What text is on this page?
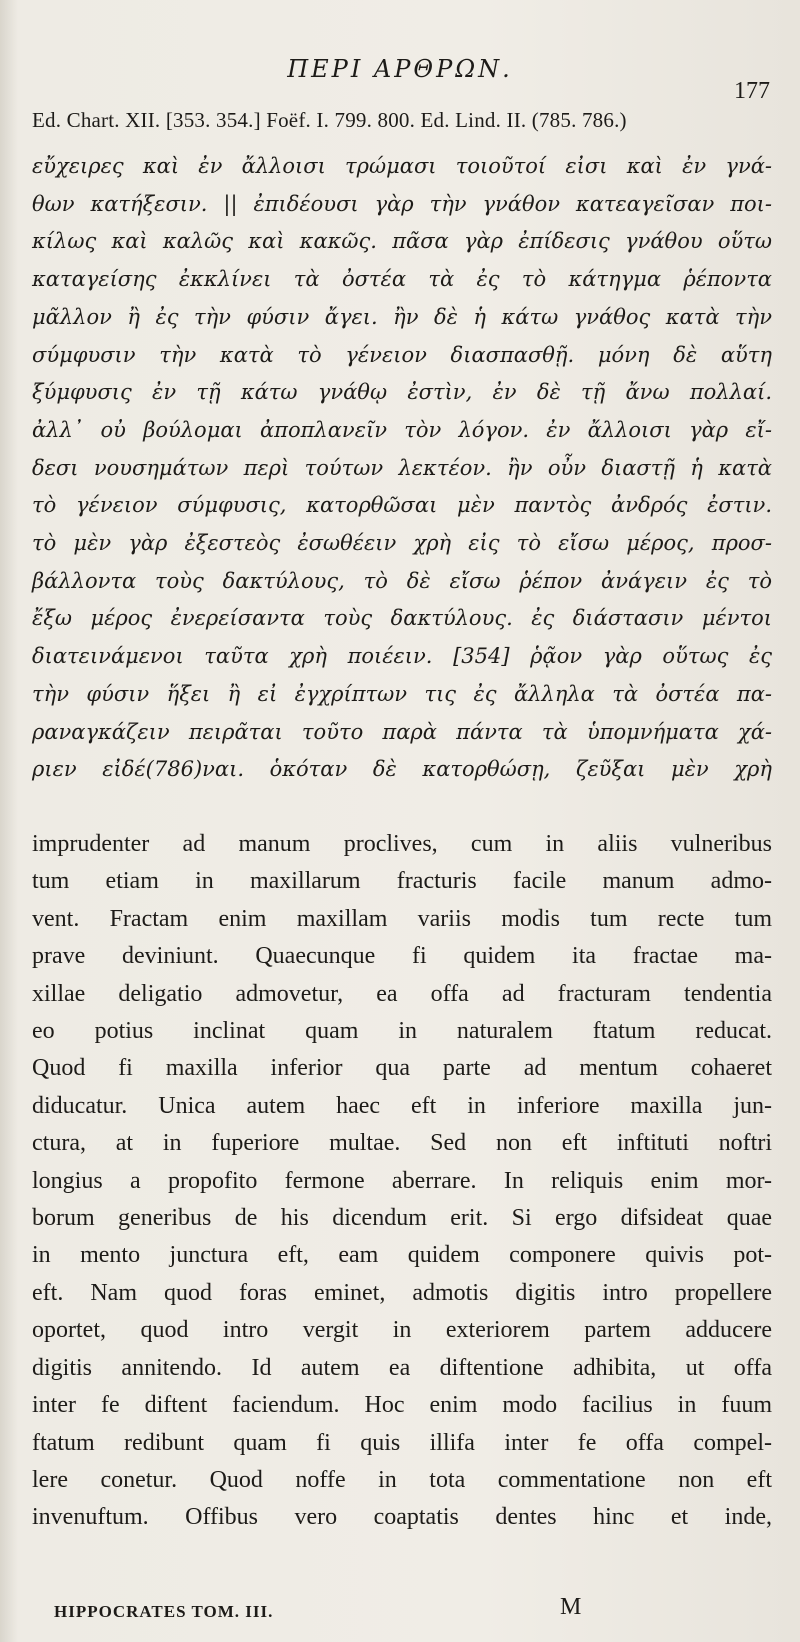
ΠΕΡΙ ΑΡΘΡΩΝ.
177
Ed. Chart. XII. [353. 354.] Foëf. I. 799. 800. Ed. Lind. II. (785. 786.)
εὔχειρες καὶ ἐν ἄλλοισι τρώμασι τοιοῦτοί εἰσι καὶ ἐν γνά-
θων κατήξεσιν. || ἐπιδέουσι γὰρ τὴν γνάθον κατεαγεῖσαν ποι-
κίλως καὶ καλῶς καὶ κακῶς. πᾶσα γὰρ ἐπίδεσις γνάθου οὕτω
καταγείσης ἐκκλίνει τὰ ὀστέα τὰ ἐς τὸ κάτηγμα ῥέποντα
μᾶλλον ἢ ἐς τὴν φύσιν ἄγει. ἢν δὲ ἡ κάτω γνάθος κατὰ τὴν
σύμφυσιν τὴν κατὰ τὸ γένειον διασπασθῇ. μόνη δὲ αὕτη
ξύμφυσις ἐν τῇ κάτω γνάθῳ ἐστὶν, ἐν δὲ τῇ ἄνω πολλαί.
ἀλλ᾽ οὐ βούλομαι ἀποπλανεῖν τὸν λόγον. ἐν ἄλλοισι γὰρ εἴ-
δεσι νουσημάτων περὶ τούτων λεκτέον. ἢν οὖν διαστῇ ἡ κατὰ
τὸ γένειον σύμφυσις, κατορθῶσαι μὲν παντὸς ἀνδρός ἐστιν.
τὸ μὲν γὰρ ἐξεστεὸς ἐσωθέειν χρὴ εἰς τὸ εἴσω μέρος, προσ-
βάλλοντα τοὺς δακτύλους, τὸ δὲ εἴσω ῥέπον ἀνάγειν ἐς τὸ
ἔξω μέρος ἐνερείσαντα τοὺς δακτύλους. ἐς διάστασιν μέντοι
διατεινάμενοι ταῦτα χρὴ ποιέειν. [354] ῥᾷον γὰρ οὕτως ἐς
τὴν φύσιν ἥξει ἢ εἰ ἐγχρίπτων τις ἐς ἄλληλα τὰ ὀστέα πα-
ραναγκάζειν πειρᾶται τοῦτο παρὰ πάντα τὰ ὑπομνήματα χά-
ριεν εἰδέ(786)ναι. ὁκόταν δὲ κατορθώσῃ, ζεῦξαι μὲν χρὴ
imprudenter ad manum proclives, cum in aliis vulneribus
tum etiam in maxillarum fracturis facile manum admo-
vent. Fractam enim maxillam variis modis tum recte tum
prave deviniunt. Quaecunque fi quidem ita fractae ma-
xillae deligatio admovetur, ea offa ad fracturam tendentia
eo potius inclinat quam in naturalem ftatum reducat.
Quod fi maxilla inferior qua parte ad mentum cohaeret
diducatur. Unica autem haec eft in inferiore maxilla jun-
ctura, at in fuperiore multae. Sed non eft inftituti noftri
longius a propofito fermone aberrare. In reliquis enim mor-
borum generibus de his dicendum erit. Si ergo difsideat quae
in mento junctura eft, eam quidem componere quivis pot-
eft. Nam quod foras eminet, admotis digitis intro propellere
oportet, quod intro vergit in exteriorem partem adducere
digitis annitendo. Id autem ea diftentione adhibita, ut offa
inter fe diftent faciendum. Hoc enim modo facilius in fuum
ftatum redibunt quam fi quis illifa inter fe offa compel-
lere conetur. Quod noffe in tota commentatione non eft
invenuftum. Offibus vero coaptatis dentes hinc et inde,
HIPPOCRATES TOM. III.	M
